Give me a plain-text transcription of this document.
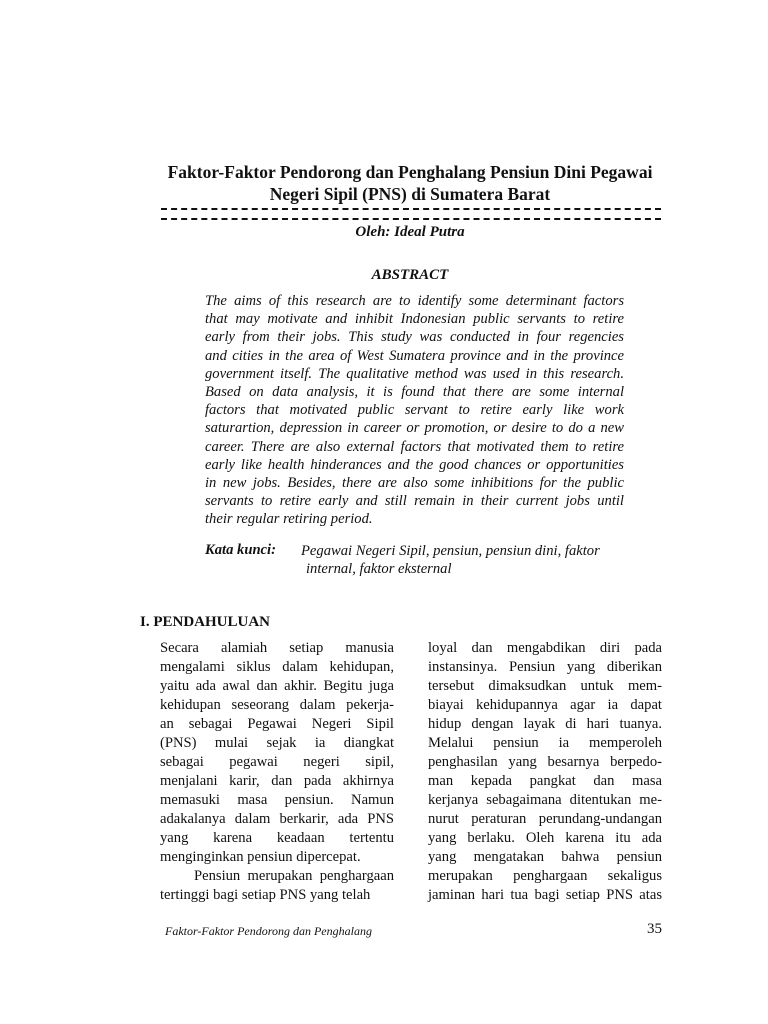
Faktor-Faktor Pendorong dan Penghalang Pensiun Dini Pegawai
Negeri Sipil (PNS) di Sumatera Barat
Oleh: Ideal Putra
ABSTRACT
The aims of this research are to identify some determinant factors
that may motivate and inhibit Indonesian public servants to retire
early from their jobs. This study was conducted in four regencies
and cities in the area of West Sumatera province and in the province
government itself. The qualitative method was used in this research.
Based on data analysis, it is found that there are some internal
factors that motivated public servant to retire early like work
saturartion, depression in career or promotion, or desire to do a new
career. There are also external factors that motivated them to retire
early like health hinderances and the good chances or opportunities
in new jobs. Besides, there are also some inhibitions for the public
servants to retire early and still remain in their current jobs until
their regular retiring period.
Kata kunci: Pegawai Negeri Sipil, pensiun, pensiun dini, faktor
internal, faktor eksternal
I. PENDAHULUAN
Secara alamiah setiap manusia
mengalami siklus dalam kehidupan,
yaitu ada awal dan akhir. Begitu juga
kehidupan seseorang dalam pekerja-
an sebagai Pegawai Negeri Sipil
(PNS) mulai sejak ia diangkat
sebagai pegawai negeri sipil,
menjalani karir, dan pada akhirnya
memasuki masa pensiun. Namun
adakalanya dalam berkarir, ada PNS
yang karena keadaan tertentu
menginginkan pensiun dipercepat.
Pensiun merupakan penghargaan
tertinggi bagi setiap PNS yang telah
loyal dan mengabdikan diri pada
instansinya. Pensiun yang diberikan
tersebut dimaksudkan untuk mem-
biayai kehidupannya agar ia dapat
hidup dengan layak di hari tuanya.
Melalui pensiun ia memperoleh
penghasilan yang besarnya berpedo-
man kepada pangkat dan masa
kerjanya sebagaimana ditentukan me-
nurut peraturan perundang-undangan
yang berlaku. Oleh karena itu ada
yang mengatakan bahwa pensiun
merupakan penghargaan sekaligus
jaminan hari tua bagi setiap PNS atas
Faktor-Faktor Pendorong dan Penghalang	35
